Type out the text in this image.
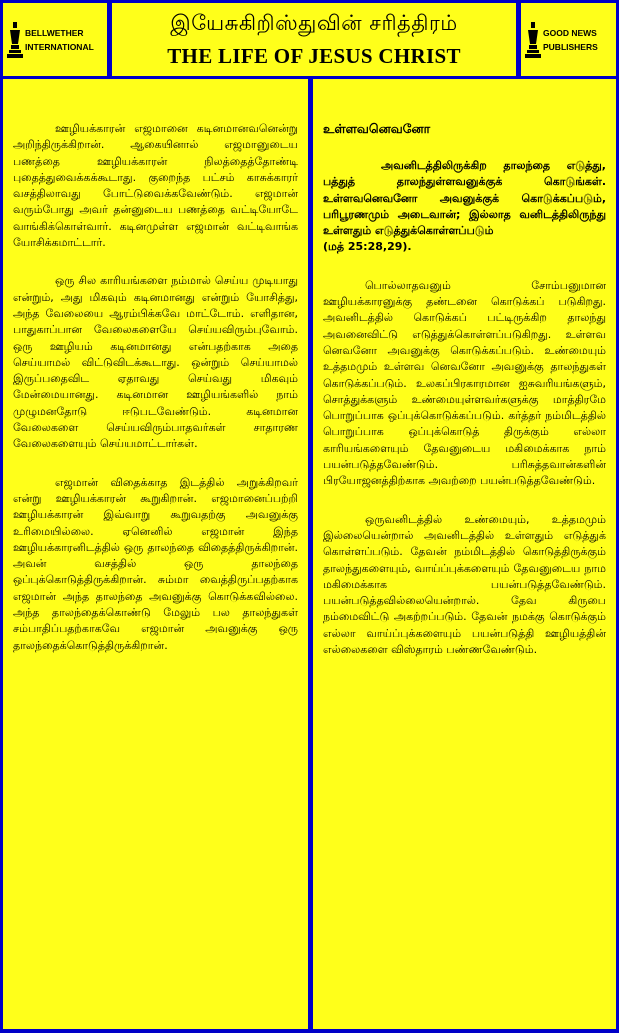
BELLWETHER
INTERNATIONAL
இயேசுகிறிஸ்துவின் சரித்திரம்
THE LIFE OF JESUS CHRIST
GOOD NEWS
PUBLISHERS

ஊழியக்காரன் எஜமானை கடினமானவனென்று அறிந்திருக்கிறான். ஆகையினால் எஜமானுடைய பணத்தை ஊழியக்காரன் நிலத்தைத்தோண்டி புதைத்துவைக்கக்கூடாது. குறைந்த பட்சம் காசுக்காரர் வசத்திலாவது போட்டுவைக்கவேண்டும். எஜமான் வரும்போது அவர் தன்னுடைய பணத்தை வட்டியோடே வாங்கிக்கொள்வார். கடினமுள்ள எஜமான் வட்டிவாங்க யோசிக்கமாட்டார்.

ஒரு சில காரியங்களை நம்மால் செய்ய முடியாது என்றும், அது மிகவும் கடினமானது என்றும் யோசித்து, அந்த வேலையை ஆரம்பிக்கவே மாட்டோம். எளிதான, பாதுகாப்பான வேலைகளையே செய்யவிரும்புவோம். ஒரு ஊழியம் கடினமானது என்பதற்காக அதை செய்யாமல் விட்டுவிடக்கூடாது. ஒன்றும் செய்யாமல் இருப்பதைவிட ஏதாவது செய்வது மிகவும் மேன்மையானது. கடினமான ஊழியங்களில் நாம் முழுமனதோடு ஈடுபடவேண்டும். கடினமான வேலைகளை செய்யவிரும்பாதவர்கள் சாதாரண வேலைகளையும் செய்யமாட்டார்கள்.

எஜமான் விதைக்காத இடத்தில் அறுக்கிறவர் என்று ஊழியக்காரன் கூறுகிறான். எஜமானைப்பற்றி ஊழியக்காரன் இவ்வாறு கூறுவதற்கு அவனுக்கு உரிமையில்லை. ஏனெனில் எஜமான் இந்த ஊழியக்காரனிடத்தில் ஒரு தாலந்தை விதைத்திருக்கிறான். அவன் வசத்தில் ஒரு தாலந்தை ஒப்புக்கொடுத்திருக்கிறான். சும்மா வைத்திருப்பதற்காக எஜமான் அந்த தாலந்தை அவனுக்கு கொடுக்கவில்லை. அந்த தாலந்தைக்கொண்டு மேலும் பல தாலந்துகள் சம்பாதிப்பதற்காகவே எஜமான் அவனுக்கு ஒரு தாலந்தைக்கொடுத்திருக்கிறான்.

உள்ளவனெவனோ
அவனிடத்திலிருக்கிற தாலந்தை எடுத்து, பத்துத் தாலந்துள்ளவனுக்குக் கொடுங்கள். உள்ளவனெவனோ அவனுக்குக் கொடுக்கப்படும், பரிபூரணமும் அடைவான்; இல்லாத வனிடத்திலிருந்து உள்ளதும் எடுத்துக்கொள்ளப்படும்
(மத் 25:28,29).

பொல்லாதவனும் சோம்பனுமான ஊழியக்காரனுக்கு தண்டனை கொடுக்கப் படுகிறது. அவனிடத்தில் கொடுக்கப் பட்டிருக்கிற தாலந்து அவனைவிட்டு எடுத்துக்கொள்ளப்படுகிறது. உள்ளவ னெவனோ அவனுக்கு கொடுக்கப்படும். உண்மையும் உத்தமமும் உள்ளவ னெவனோ அவனுக்கு தாலந்துகள் கொடுக்கப்படும். உலகப்பிரகாரமான ஐசுவரியங்களும், சொத்துக்களும் உண்மையுள்ளவர்களுக்கு மாத்திரமே பொறுப்பாக ஒப்புக்கொடுக்கப்படும். கர்த்தர் நம்மிடத்தில் பொறுப்பாக ஒப்புக்கொடுத் திருக்கும் எல்லா காரியங்களையும் தேவனுடைய மகிமைக்காக நாம் பயன்படுத்தவேண்டும். பரிசுத்தவான்களின் பிரயோஜனத்திற்காக அவற்றை பயன்படுத்தவேண்டும்.

ஒருவனிடத்தில் உண்மையும், உத்தமமும் இல்லையென்றால் அவனிடத்தில் உள்ளதும் எடுத்துக் கொள்ளப்படும். தேவன் நம்மிடத்தில் கொடுத்திருக்கும் தாலந்துகளையும், வாய்ப்புக்களையும் தேவனுடைய நாம மகிமைக்காக பயன்படுத்தவேண்டும். பயன்படுத்தவில்லையென்றால். தேவ கிருபை நம்மைவிட்டு அகற்றப்படும். தேவன் நமக்கு கொடுக்கும் எல்லா வாய்ப்புக்களையும் பயன்படுத்தி ஊழியத்தின் எல்லைகளை விஸ்தாரம் பண்ணவேண்டும்.
